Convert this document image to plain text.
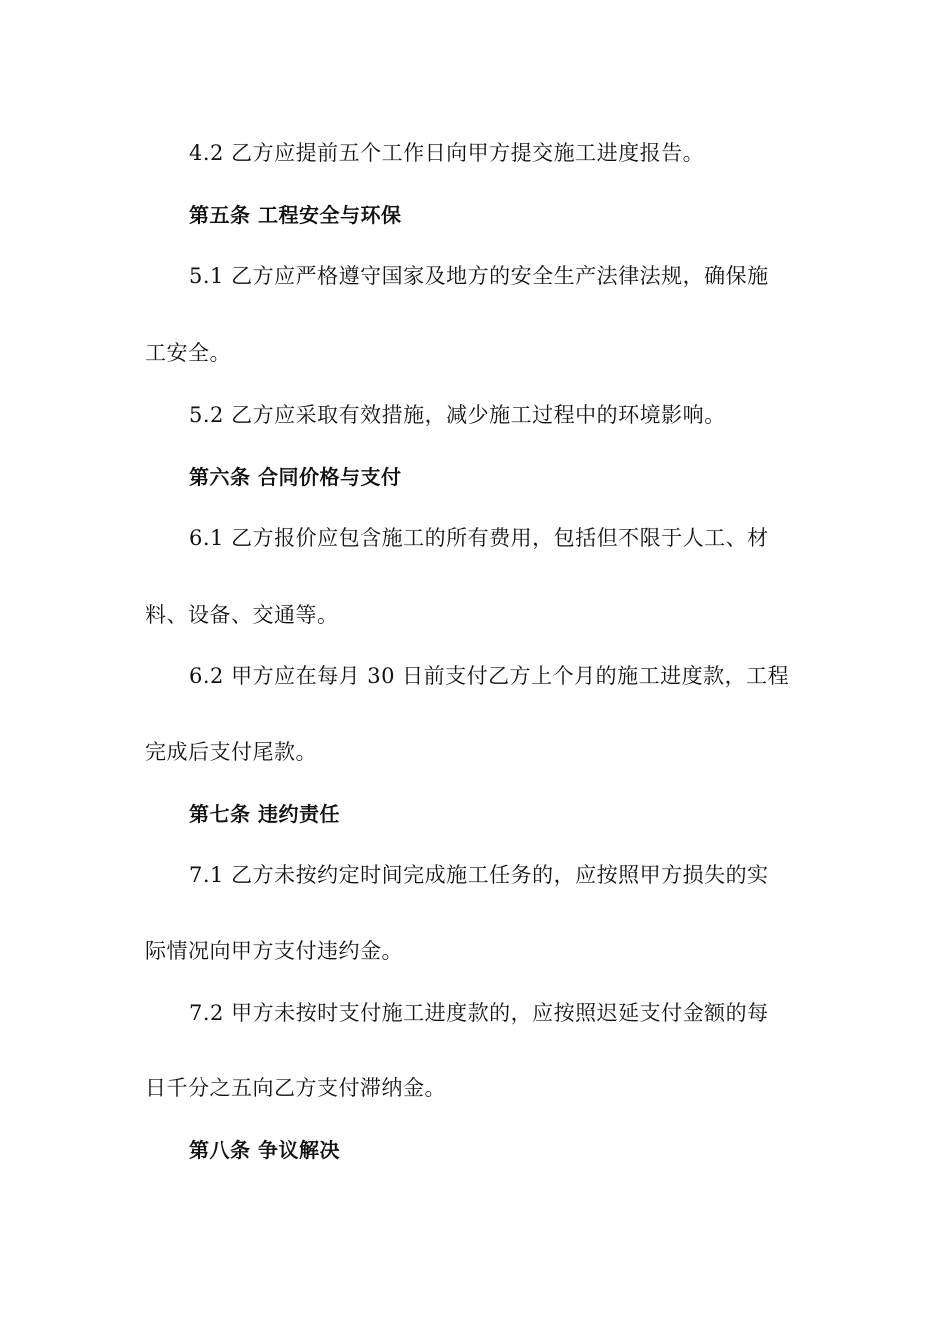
4.2 乙方应提前五个工作日向甲方提交施工进度报告。
第五条 工程安全与环保
5.1 乙方应严格遵守国家及地方的安全生产法律法规，确保施
工安全。
5.2 乙方应采取有效措施，减少施工过程中的环境影响。
第六条 合同价格与支付
6.1 乙方报价应包含施工的所有费用，包括但不限于人工、材
料、设备、交通等。
6.2 甲方应在每月 30 日前支付乙方上个月的施工进度款，工程
完成后支付尾款。
第七条 违约责任
7.1 乙方未按约定时间完成施工任务的，应按照甲方损失的实
际情况向甲方支付违约金。
7.2 甲方未按时支付施工进度款的，应按照迟延支付金额的每
日千分之五向乙方支付滞纳金。
第八条 争议解决
